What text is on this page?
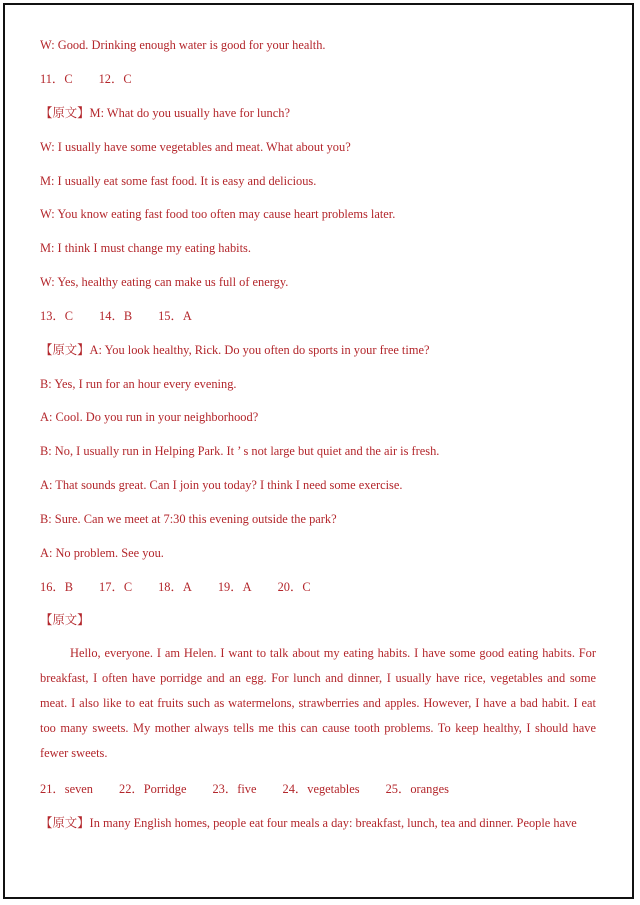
W: Good. Drinking enough water is good for your health.
11．C 12．C
【原文】M: What do you usually have for lunch?
W: I usually have some vegetables and meat. What about you?
M: I usually eat some fast food. It is easy and delicious.
W: You know eating fast food too often may cause heart problems later.
M: I think I must change my eating habits.
W: Yes, healthy eating can make us full of energy.
13．C 14．B 15．A
【原文】A: You look healthy, Rick. Do you often do sports in your free time?
B: Yes, I run for an hour every evening.
A: Cool. Do you run in your neighborhood?
B: No, I usually run in Helping Park. It ’ s not large but quiet and the air is fresh.
A: That sounds great. Can I join you today? I think I need some exercise.
B: Sure. Can we meet at 7:30 this evening outside the park?
A: No problem. See you.
16．B 17．C 18．A 19．A 20．C
【原文】
Hello, everyone. I am Helen. I want to talk about my eating habits. I have some good eating habits. For breakfast, I often have porridge and an egg. For lunch and dinner, I usually have rice, vegetables and some meat. I also like to eat fruits such as watermelons, strawberries and apples. However, I have a bad habit. I eat too many sweets. My mother always tells me this can cause tooth problems. To keep healthy, I should have fewer sweets.
21．seven 22．Porridge 23．five 24．vegetables 25．oranges
【原文】In many English homes, people eat four meals a day: breakfast, lunch, tea and dinner. People have
